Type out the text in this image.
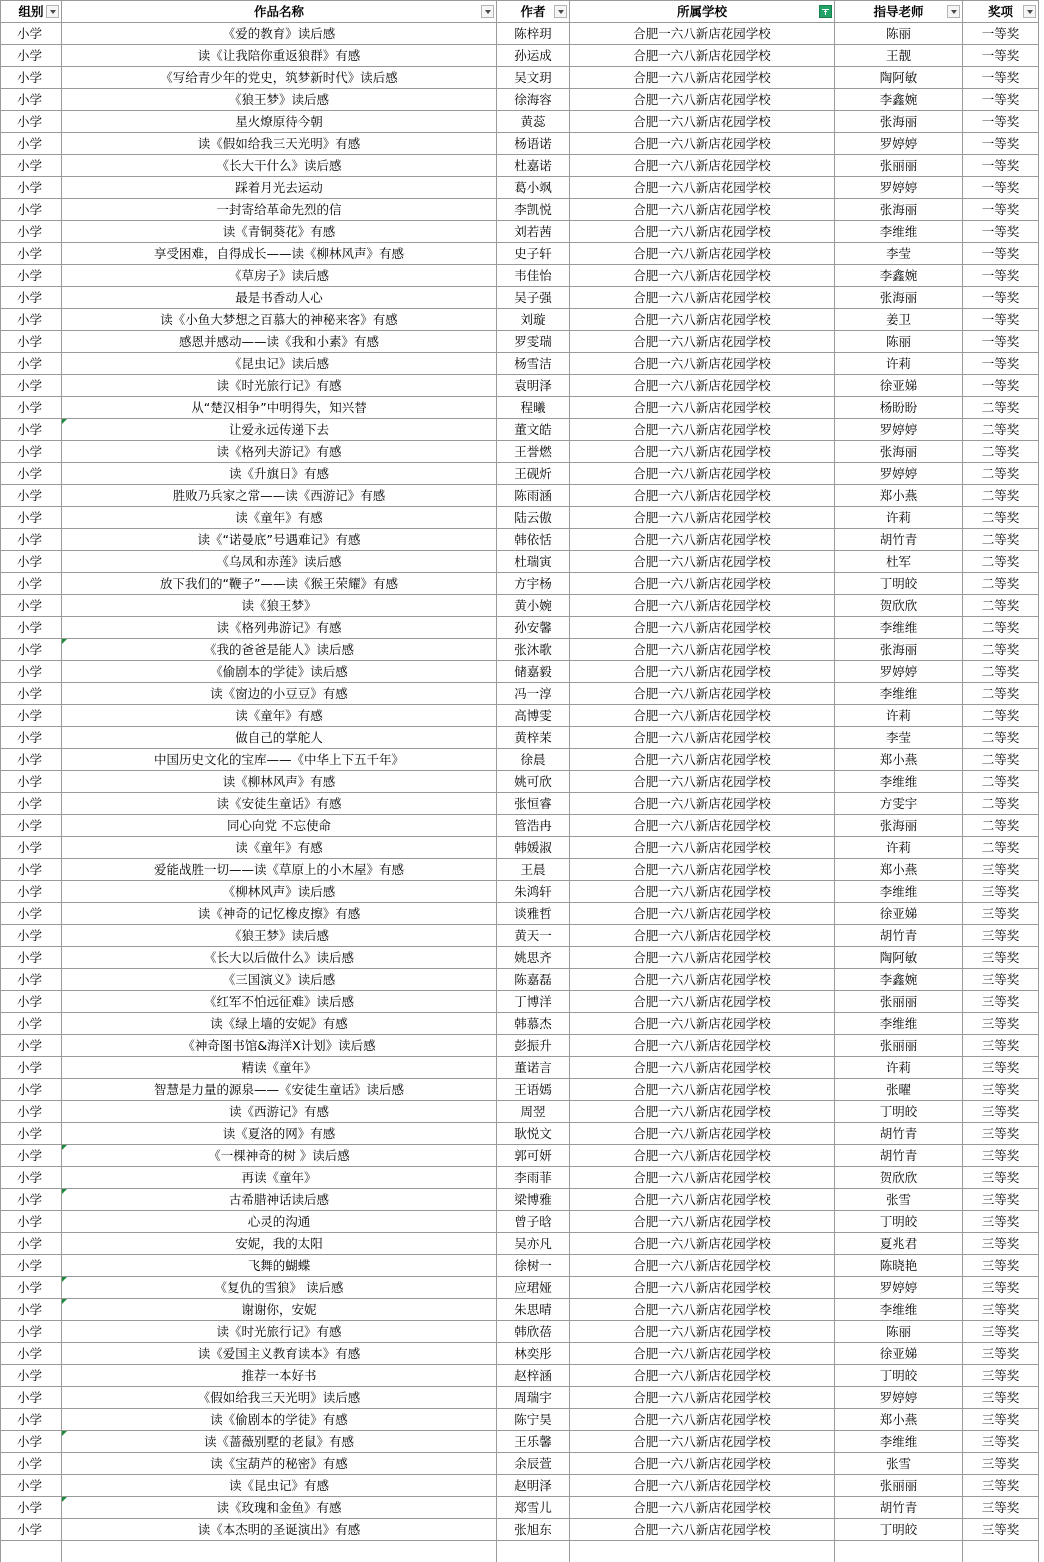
组别	作品名称	作者	所属学校	指导老师	奖项

小学	《爱的教育》读后感	陈梓玥	合肥一六八新店花园学校	陈丽	一等奖
小学	读《让我陪你重返狼群》有感	孙运成	合肥一六八新店花园学校	王靓	一等奖
小学	《写给青少年的党史，筑梦新时代》读后感	吴文玥	合肥一六八新店花园学校	陶阿敏	一等奖
小学	《狼王梦》读后感	徐海容	合肥一六八新店花园学校	李鑫婉	一等奖
小学	星火燎原待今朝	黄蕊	合肥一六八新店花园学校	张海丽	一等奖
小学	读《假如给我三天光明》有感	杨语诺	合肥一六八新店花园学校	罗婷婷	一等奖
小学	《长大干什么》读后感	杜嘉诺	合肥一六八新店花园学校	张丽丽	一等奖
小学	踩着月光去运动	葛小飒	合肥一六八新店花园学校	罗婷婷	一等奖
小学	一封寄给革命先烈的信	李凯悦	合肥一六八新店花园学校	张海丽	一等奖
小学	读《青铜葵花》有感	刘若茜	合肥一六八新店花园学校	李维维	一等奖
小学	享受困难，自得成长——读《柳林风声》有感	史子轩	合肥一六八新店花园学校	李莹	一等奖
小学	《草房子》读后感	韦佳怡	合肥一六八新店花园学校	李鑫婉	一等奖
小学	最是书香动人心	吴子强	合肥一六八新店花园学校	张海丽	一等奖
小学	读《小鱼大梦想之百慕大的神秘来客》有感	刘璇	合肥一六八新店花园学校	姜卫	一等奖
小学	感恩并感动——读《我和小素》有感	罗雯瑞	合肥一六八新店花园学校	陈丽	一等奖
小学	《昆虫记》读后感	杨雪洁	合肥一六八新店花园学校	许莉	一等奖
小学	读《时光旅行记》有感	袁明泽	合肥一六八新店花园学校	徐亚娣	一等奖
小学	从“楚汉相争”中明得失，知兴替	程曦	合肥一六八新店花园学校	杨盼盼	二等奖
小学	让爱永远传递下去	董文皓	合肥一六八新店花园学校	罗婷婷	二等奖
小学	读《格列夫游记》有感	王誉燃	合肥一六八新店花园学校	张海丽	二等奖
小学	读《升旗日》有感	王砚炘	合肥一六八新店花园学校	罗婷婷	二等奖
小学	胜败乃兵家之常——读《西游记》有感	陈雨涵	合肥一六八新店花园学校	郑小燕	二等奖
小学	读《童年》有感	陆云傲	合肥一六八新店花园学校	许莉	二等奖
小学	读《“诺曼底”号遇难记》有感	韩依恬	合肥一六八新店花园学校	胡竹青	二等奖
小学	《乌凤和赤莲》读后感	杜瑞寅	合肥一六八新店花园学校	杜军	二等奖
小学	放下我们的“鞭子”——读《猴王荣耀》有感	方宇杨	合肥一六八新店花园学校	丁明皎	二等奖
小学	读《狼王梦》	黄小婉	合肥一六八新店花园学校	贺欣欣	二等奖
小学	读《格列弗游记》有感	孙安馨	合肥一六八新店花园学校	李维维	二等奖
小学	《我的爸爸是能人》读后感	张沐歌	合肥一六八新店花园学校	张海丽	二等奖
小学	《偷剧本的学徒》读后感	储嘉毅	合肥一六八新店花园学校	罗婷婷	二等奖
小学	读《窗边的小豆豆》有感	冯一淳	合肥一六八新店花园学校	李维维	二等奖
小学	读《童年》有感	高博雯	合肥一六八新店花园学校	许莉	二等奖
小学	做自己的掌舵人	黄梓茉	合肥一六八新店花园学校	李莹	二等奖
小学	中国历史文化的宝库——《中华上下五千年》	徐晨	合肥一六八新店花园学校	郑小燕	二等奖
小学	读《柳林风声》有感	姚可欣	合肥一六八新店花园学校	李维维	二等奖
小学	读《安徒生童话》有感	张恒睿	合肥一六八新店花园学校	方雯宇	二等奖
小学	同心向党 不忘使命	管浩冉	合肥一六八新店花园学校	张海丽	二等奖
小学	读《童年》有感	韩媛淑	合肥一六八新店花园学校	许莉	二等奖
小学	爱能战胜一切——读《草原上的小木屋》有感	王晨	合肥一六八新店花园学校	郑小燕	三等奖
小学	《柳林风声》读后感	朱鸿轩	合肥一六八新店花园学校	李维维	三等奖
小学	读《神奇的记忆橡皮擦》有感	谈雅哲	合肥一六八新店花园学校	徐亚娣	三等奖
小学	《狼王梦》读后感	黄天一	合肥一六八新店花园学校	胡竹青	三等奖
小学	《长大以后做什么》读后感	姚思齐	合肥一六八新店花园学校	陶阿敏	三等奖
小学	《三国演义》读后感	陈嘉磊	合肥一六八新店花园学校	李鑫婉	三等奖
小学	《红军不怕远征难》读后感	丁博洋	合肥一六八新店花园学校	张丽丽	三等奖
小学	读《绿上墙的安妮》有感	韩慕杰	合肥一六八新店花园学校	李维维	三等奖
小学	《神奇图书馆&海洋X计划》读后感	彭振升	合肥一六八新店花园学校	张丽丽	三等奖
小学	精读《童年》	董诺言	合肥一六八新店花园学校	许莉	三等奖
小学	智慧是力量的源泉——《安徒生童话》读后感	王语嫣	合肥一六八新店花园学校	张曜	三等奖
小学	读《西游记》有感	周翌	合肥一六八新店花园学校	丁明皎	三等奖
小学	读《夏洛的网》有感	耿悦文	合肥一六八新店花园学校	胡竹青	三等奖
小学	《一棵神奇的树 》读后感	郭可妍	合肥一六八新店花园学校	胡竹青	三等奖
小学	再读《童年》	李雨菲	合肥一六八新店花园学校	贺欣欣	三等奖
小学	古希腊神话读后感	梁博雅	合肥一六八新店花园学校	张雪	三等奖
小学	心灵的沟通	曾子晗	合肥一六八新店花园学校	丁明皎	三等奖
小学	安妮，我的太阳	吴亦凡	合肥一六八新店花园学校	夏兆君	三等奖
小学	飞舞的蝴蝶	徐树一	合肥一六八新店花园学校	陈晓艳	三等奖
小学	《复仇的雪狼》 读后感	应珺娅	合肥一六八新店花园学校	罗婷婷	三等奖
小学	谢谢你，安妮	朱思晴	合肥一六八新店花园学校	李维维	三等奖
小学	读《时光旅行记》有感	韩欣蓓	合肥一六八新店花园学校	陈丽	三等奖
小学	读《爱国主义教育读本》有感	林奕彤	合肥一六八新店花园学校	徐亚娣	三等奖
小学	推荐一本好书	赵梓涵	合肥一六八新店花园学校	丁明皎	三等奖
小学	《假如给我三天光明》读后感	周瑞宇	合肥一六八新店花园学校	罗婷婷	三等奖
小学	读《偷剧本的学徒》有感	陈宁昊	合肥一六八新店花园学校	郑小燕	三等奖
小学	读《蔷薇别墅的老鼠》有感	王乐馨	合肥一六八新店花园学校	李维维	三等奖
小学	读《宝葫芦的秘密》有感	余辰萱	合肥一六八新店花园学校	张雪	三等奖
小学	读《昆虫记》有感	赵明泽	合肥一六八新店花园学校	张丽丽	三等奖
小学	读《玫瑰和金鱼》有感	郑雪儿	合肥一六八新店花园学校	胡竹青	三等奖
小学	读《本杰明的圣诞演出》有感	张旭东	合肥一六八新店花园学校	丁明皎	三等奖
